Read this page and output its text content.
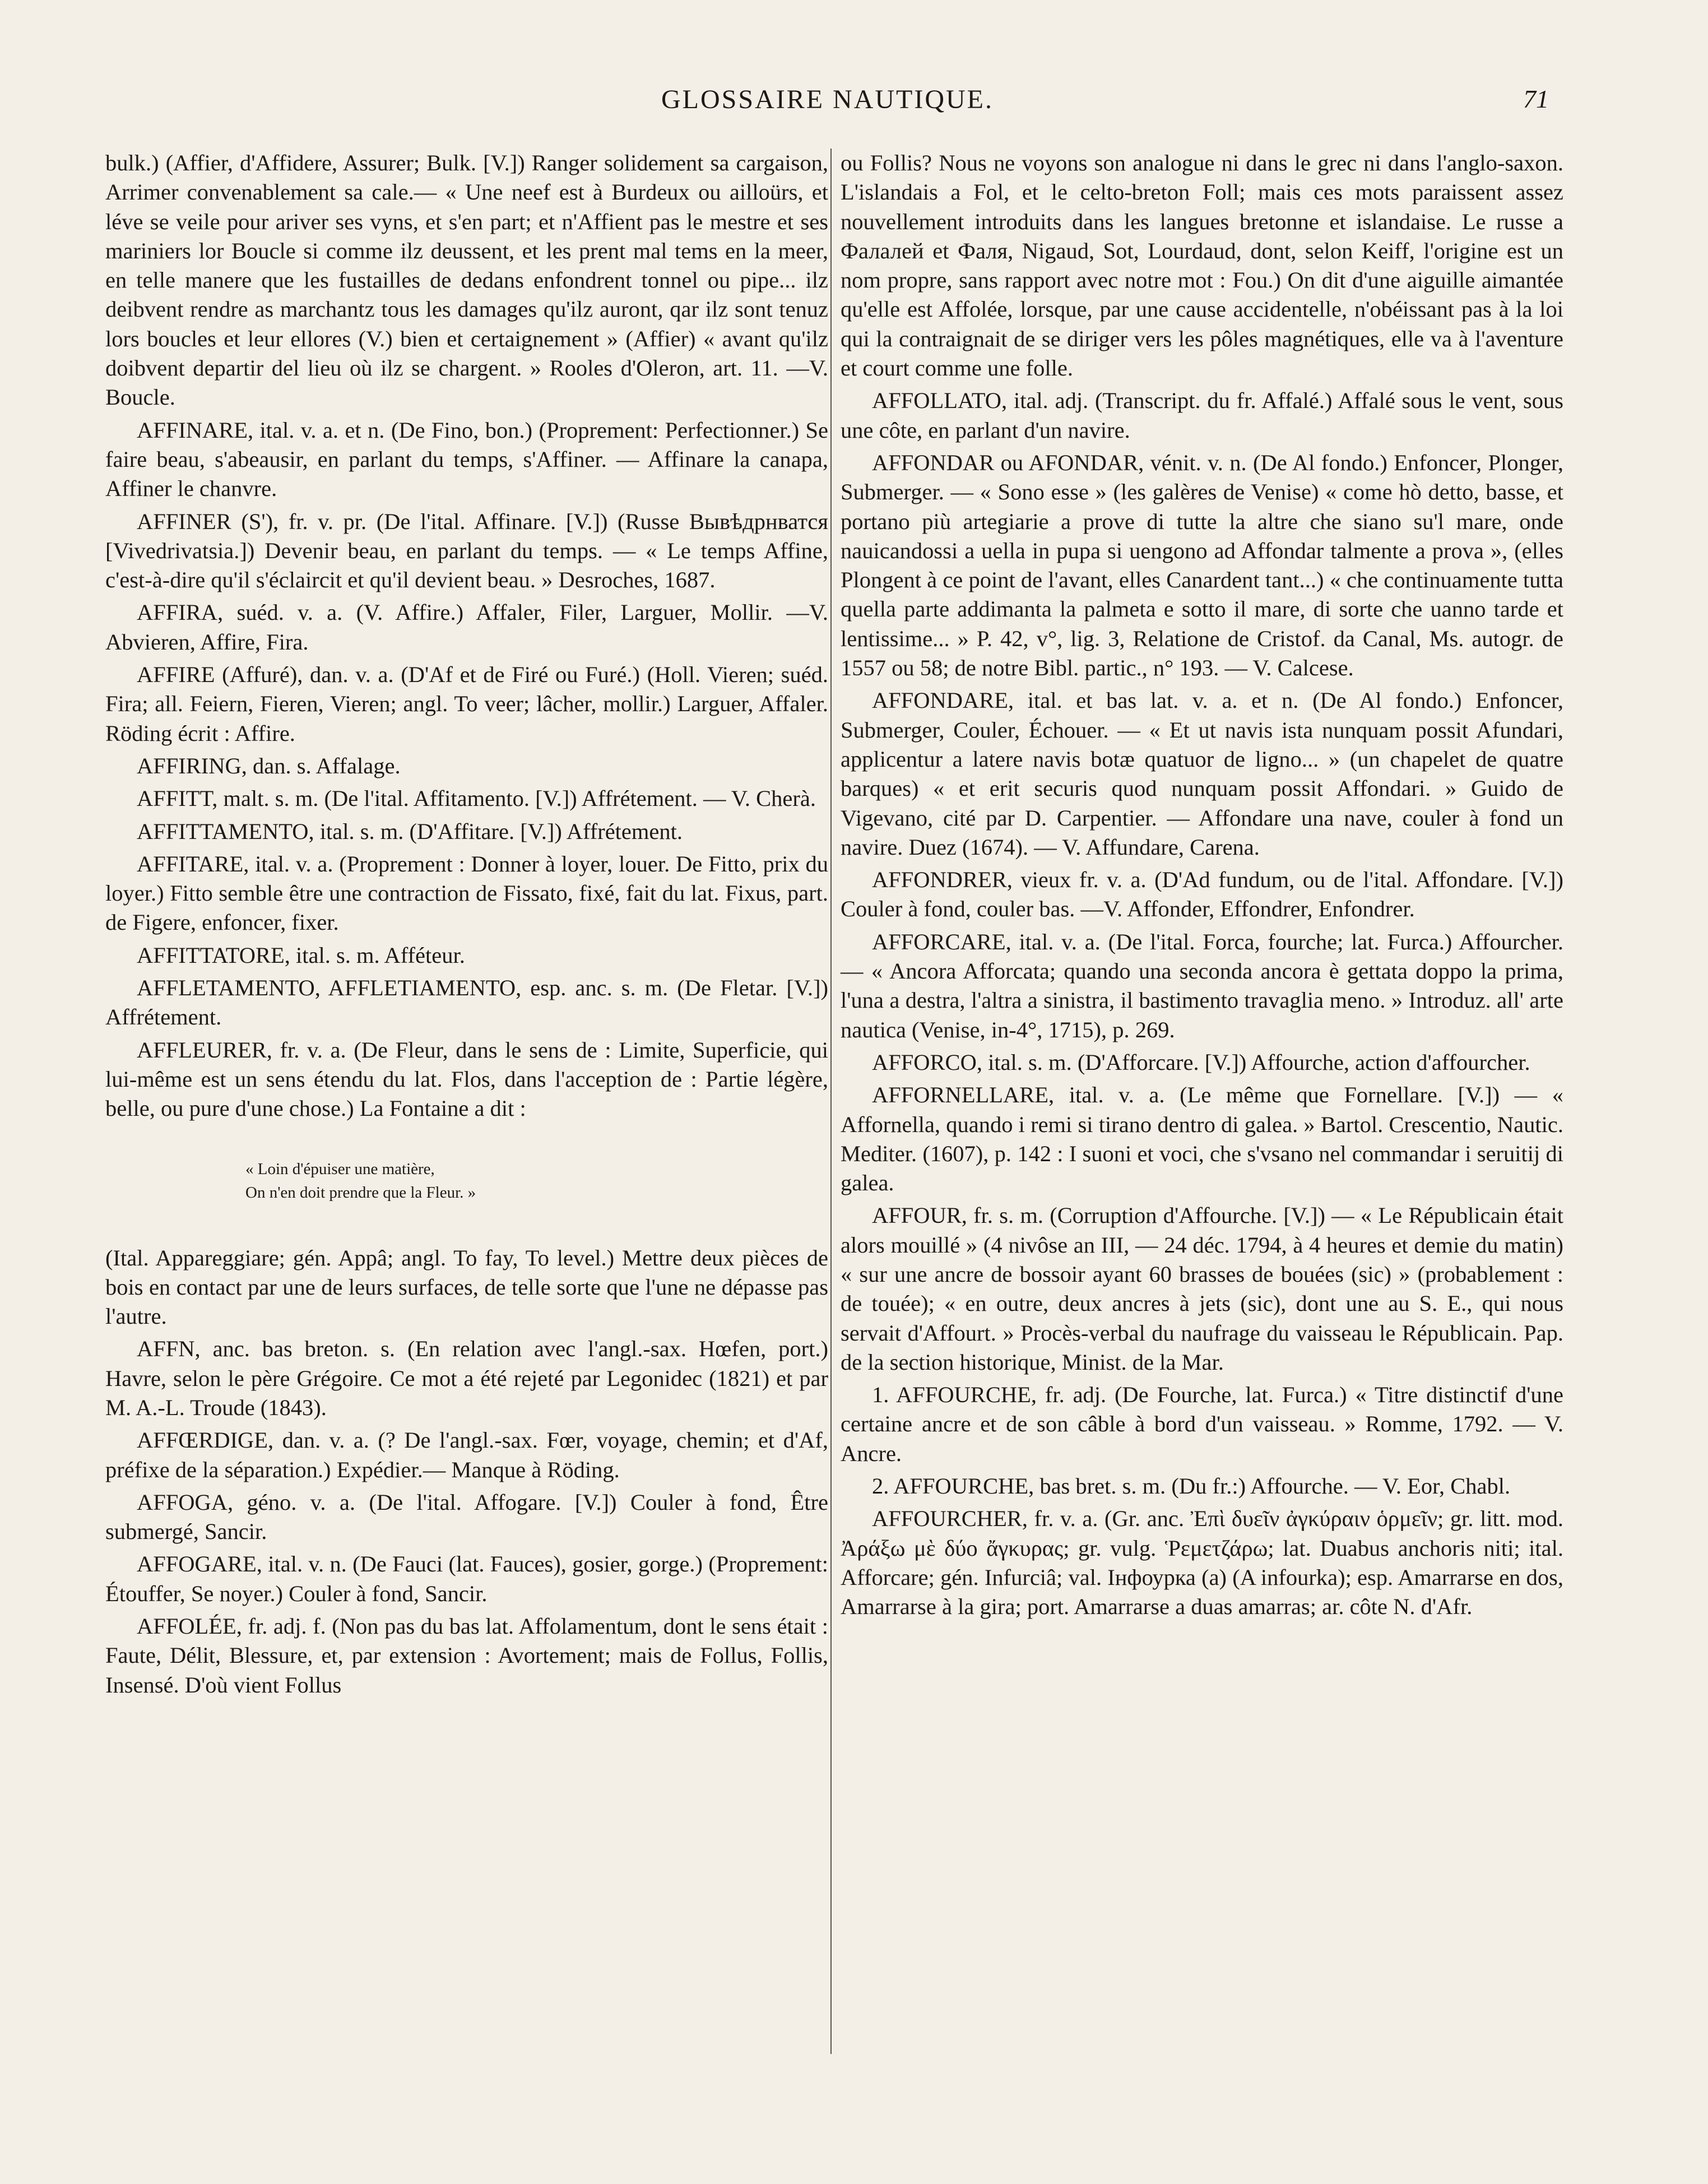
GLOSSAIRE NAUTIQUE.	71

bulk.) (Affier, d'Affidere, Assurer; Bulk. [V.]) Ranger solidement sa cargaison, Arrimer convenablement sa cale.— « Une neef est à Burdeux ou ailloürs, et léve se veile pour ariver ses vyns, et s'en part; et n'Affient pas le mestre et ses mariniers lor Boucle si comme ilz deussent, et les prent mal tems en la meer, en telle manere que les fustailles de dedans enfondrent tonnel ou pipe... ilz deibvent rendre as marchantz tous les damages qu'ilz auront, qar ilz sont tenuz lors boucles et leur ellores (V.) bien et certaignement » (Affier) « avant qu'ilz doibvent departir del lieu où ilz se chargent. » Rooles d'Oleron, art. 11. —V. Boucle.

AFFINARE, ital. v. a. et n. (De Fino, bon.) (Proprement: Perfectionner.) Se faire beau, s'abeausir, en parlant du temps, s'Affiner. — Affinare la canapa, Affiner le chanvre.

AFFINER (S'), fr. v. pr. (De l'ital. Affinare. [V.]) (Russe Вывѣдрнватся [Vivedrivatsia.]) Devenir beau, en parlant du temps. — « Le temps Affine, c'est-à-dire qu'il s'éclaircit et qu'il devient beau. » Desroches, 1687.

AFFIRA, suéd. v. a. (V. Affire.) Affaler, Filer, Larguer, Mollir. —V. Abvieren, Affire, Fira.

AFFIRE (Affuré), dan. v. a. (D'Af et de Firé ou Furé.) (Holl. Vieren; suéd. Fira; all. Feiern, Fieren, Vieren; angl. To veer; lâcher, mollir.) Larguer, Affaler. Röding écrit : Affire.

AFFIRING, dan. s. Affalage.

AFFITT, malt. s. m. (De l'ital. Affitamento. [V.]) Affrétement. — V. Cherà.

AFFITTAMENTO, ital. s. m. (D'Affitare. [V.]) Affrétement.

AFFITARE, ital. v. a. (Proprement : Donner à loyer, louer. De Fitto, prix du loyer.) Fitto semble être une contraction de Fissato, fixé, fait du lat. Fixus, part. de Figere, enfoncer, fixer.

AFFITTATORE, ital. s. m. Afféteur.

AFFLETAMENTO, AFFLETIAMENTO, esp. anc. s. m. (De Fletar. [V.]) Affrétement.

AFFLEURER, fr. v. a. (De Fleur, dans le sens de : Limite, Superficie, qui lui-même est un sens étendu du lat. Flos, dans l'acception de : Partie légère, belle, ou pure d'une chose.) La Fontaine a dit :

« Loin d'épuiser une matière,
On n'en doit prendre que la Fleur. »

(Ital. Appareggiare; gén. Appâ; angl. To fay, To level.) Mettre deux pièces de bois en contact par une de leurs surfaces, de telle sorte que l'une ne dépasse pas l'autre.

AFFN, anc. bas breton. s. (En relation avec l'angl.-sax. Hœfen, port.) Havre, selon le père Grégoire. Ce mot a été rejeté par Legonidec (1821) et par M. A.-L. Troude (1843).

AFFŒRDIGE, dan. v. a. (? De l'angl.-sax. Fœr, voyage, chemin; et d'Af, préfixe de la séparation.) Expédier.— Manque à Röding.

AFFOGA, géno. v. a. (De l'ital. Affogare. [V.]) Couler à fond, Être submergé, Sancir.

AFFOGARE, ital. v. n. (De Fauci (lat. Fauces), gosier, gorge.) (Proprement: Étouffer, Se noyer.) Couler à fond, Sancir.

AFFOLÉE, fr. adj. f. (Non pas du bas lat. Affolamentum, dont le sens était : Faute, Délit, Blessure, et, par extension : Avortement; mais de Follus, Follis, Insensé. D'où vient Follus

ou Follis? Nous ne voyons son analogue ni dans le grec ni dans l'anglo-saxon. L'islandais a Fol, et le celto-breton Foll; mais ces mots paraissent assez nouvellement introduits dans les langues bretonne et islandaise. Le russe a Фалалей et Фаля, Nigaud, Sot, Lourdaud, dont, selon Keiff, l'origine est un nom propre, sans rapport avec notre mot : Fou.) On dit d'une aiguille aimantée qu'elle est Affolée, lorsque, par une cause accidentelle, n'obéissant pas à la loi qui la contraignait de se diriger vers les pôles magnétiques, elle va à l'aventure et court comme une folle.

AFFOLLATO, ital. adj. (Transcript. du fr. Affalé.) Affalé sous le vent, sous une côte, en parlant d'un navire.

AFFONDAR ou AFONDAR, vénit. v. n. (De Al fondo.) Enfoncer, Plonger, Submerger. — « Sono esse » (les galères de Venise) « come hò detto, basse, et portano più artegiarie a prove di tutte la altre che siano su'l mare, onde nauicandossi a uella in pupa si uengono ad Affondar talmente a prova », (elles Plongent à ce point de l'avant, elles Canardent tant...) « che continuamente tutta quella parte addimanta la palmeta e sotto il mare, di sorte che uanno tarde et lentissime... » P. 42, v°, lig. 3, Relatione de Cristof. da Canal, Ms. autogr. de 1557 ou 58; de notre Bibl. partic., n° 193. — V. Calcese.

AFFONDARE, ital. et bas lat. v. a. et n. (De Al fondo.) Enfoncer, Submerger, Couler, Échouer. — « Et ut navis ista nunquam possit Afundari, applicentur a latere navis botæ quatuor de ligno... » (un chapelet de quatre barques) « et erit securis quod nunquam possit Affondari. » Guido de Vigevano, cité par D. Carpentier. — Affondare una nave, couler à fond un navire. Duez (1674). — V. Affundare, Carena.

AFFONDRER, vieux fr. v. a. (D'Ad fundum, ou de l'ital. Affondare. [V.]) Couler à fond, couler bas. —V. Affonder, Effondrer, Enfondrer.

AFFORCARE, ital. v. a. (De l'ital. Forca, fourche; lat. Furca.) Affourcher. — « Ancora Afforcata; quando una seconda ancora è gettata doppo la prima, l'una a destra, l'altra a sinistra, il bastimento travaglia meno. » Introduz. all' arte nautica (Venise, in-4°, 1715), p. 269.

AFFORCO, ital. s. m. (D'Afforcare. [V.]) Affourche, action d'affourcher.

AFFORNELLARE, ital. v. a. (Le même que Fornellare. [V.]) — « Affornella, quando i remi si tirano dentro di galea. » Bartol. Crescentio, Nautic. Mediter. (1607), p. 142 : I suoni et voci, che s'vsano nel commandar i seruitij di galea.

AFFOUR, fr. s. m. (Corruption d'Affourche. [V.]) — « Le Républicain était alors mouillé » (4 nivôse an III, — 24 déc. 1794, à 4 heures et demie du matin) « sur une ancre de bossoir ayant 60 brasses de bouées (sic) » (probablement : de touée); « en outre, deux ancres à jets (sic), dont une au S. E., qui nous servait d'Affourt. » Procès-verbal du naufrage du vaisseau le Républicain. Pap. de la section historique, Minist. de la Mar.

1. AFFOURCHE, fr. adj. (De Fourche, lat. Furca.) « Titre distinctif d'une certaine ancre et de son câble à bord d'un vaisseau. » Romme, 1792. — V. Ancre.

2. AFFOURCHE, bas bret. s. m. (Du fr.:) Affourche. — V. Eor, Chabl.

AFFOURCHER, fr. v. a. (Gr. anc. Ἐπὶ δυεῖν ἀγκύραιν ὁρμεῖν; gr. litt. mod. Ἀράξω μὲ δύο ἄγκυρας; gr. vulg. Ῥεμετζάρω; lat. Duabus anchoris niti; ital. Afforcare; gén. Infurciâ; val. Інфоурка (a) (A infourka); esp. Amarrarse en dos, Amarrarse à la gira; port. Amarrarse a duas amarras; ar. côte N. d'Afr.
